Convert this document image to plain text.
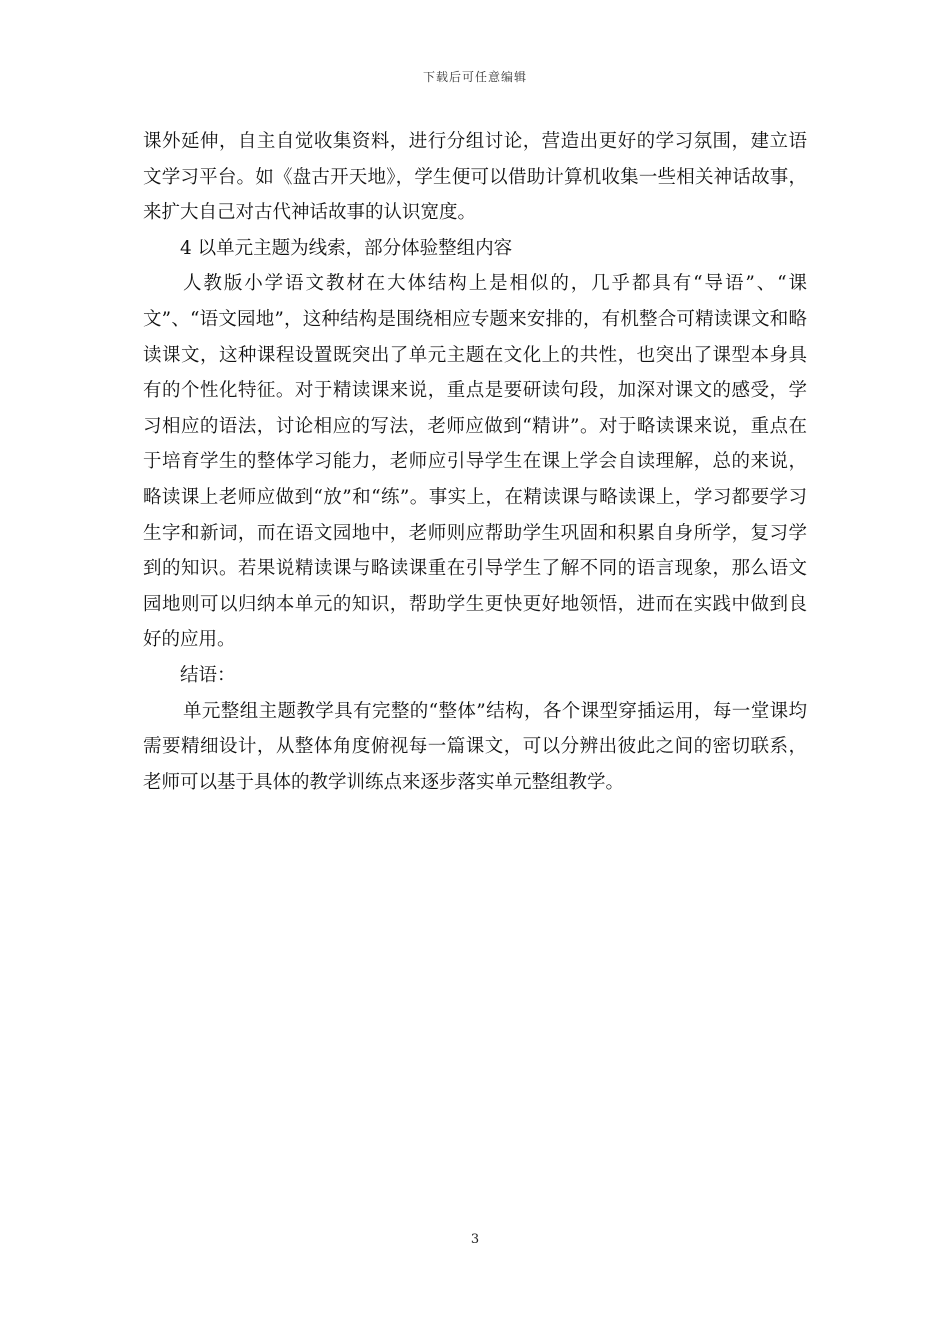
下载后可任意编辑

课外延伸，自主自觉收集资料，进行分组讨论，营造出更好的学习氛围，建立语文学习平台。如《盘古开天地》，学生便可以借助计算机收集一些相关神话故事，来扩大自己对古代神话故事的认识宽度。

4 以单元主题为线索，部分体验整组内容

人教版小学语文教材在大体结构上是相似的，几乎都具有“导语”、“课文”、“语文园地”，这种结构是围绕相应专题来安排的，有机整合可精读课文和略读课文，这种课程设置既突出了单元主题在文化上的共性，也突出了课型本身具有的个性化特征。对于精读课来说，重点是要研读句段，加深对课文的感受，学习相应的语法，讨论相应的写法，老师应做到“精讲”。对于略读课来说，重点在于培育学生的整体学习能力，老师应引导学生在课上学会自读理解，总的来说，略读课上老师应做到“放”和“练”。事实上，在精读课与略读课上，学习都要学习生字和新词，而在语文园地中，老师则应帮助学生巩固和积累自身所学，复习学到的知识。若果说精读课与略读课重在引导学生了解不同的语言现象，那么语文园地则可以归纳本单元的知识，帮助学生更快更好地领悟，进而在实践中做到良好的应用。

结语：

单元整组主题教学具有完整的“整体”结构，各个课型穿插运用，每一堂课均需要精细设计，从整体角度俯视每一篇课文，可以分辨出彼此之间的密切联系，老师可以基于具体的教学训练点来逐步落实单元整组教学。

3
